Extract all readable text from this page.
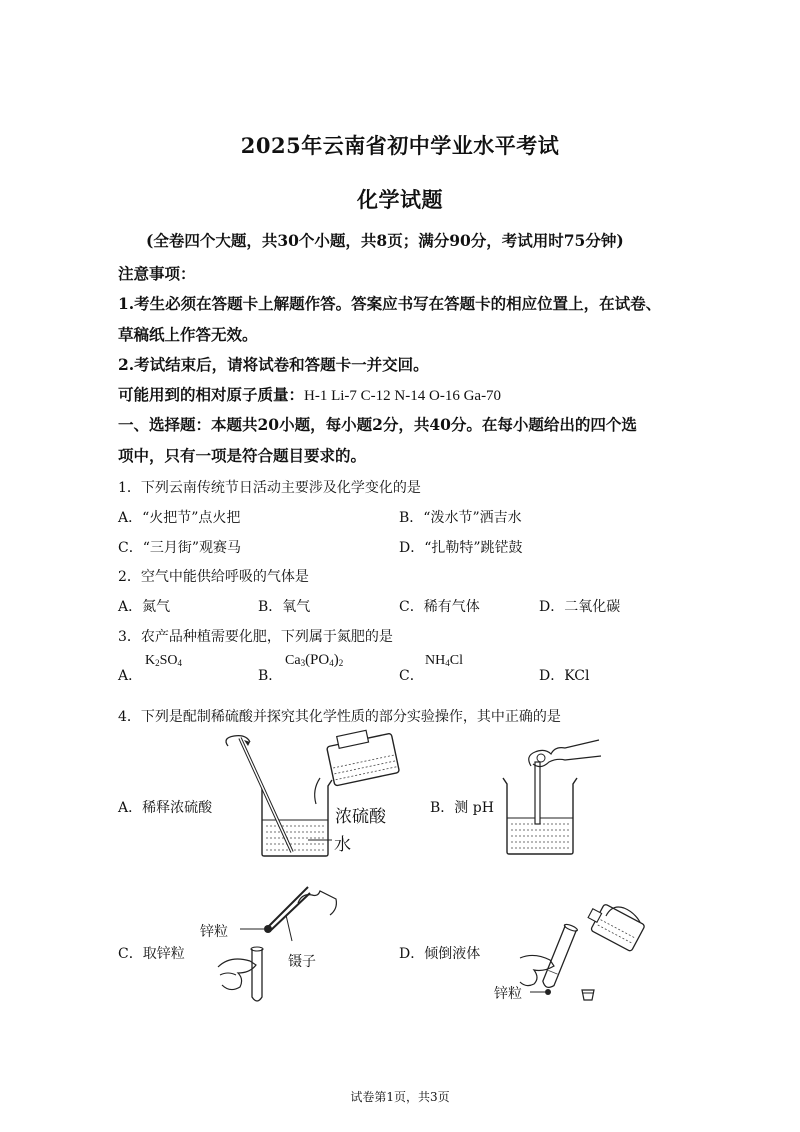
2025年云南省初中学业水平考试
化学试题
(全卷四个大题，共30个小题，共8页；满分90分，考试用时75分钟)
注意事项：
1.考生必须在答题卡上解题作答。答案应书写在答题卡的相应位置上，在试卷、
草稿纸上作答无效。
2.考试结束后，请将试卷和答题卡一并交回。
可能用到的相对原子质量：H-1 Li-7 C-12 N-14 O-16 Ga-70
一、选择题：本题共20小题，每小题2分，共40分。在每小题给出的四个选
项中，只有一项是符合题目要求的。
1．下列云南传统节日活动主要涉及化学变化的是
A．“火把节”点火把	B．“泼水节”洒吉水
C．“三月街”观赛马	D．“扎勒特”跳铓鼓
2．空气中能供给呼吸的气体是
A．氮气	B．氧气	C．稀有气体	D．二氧化碳
3．农产品种植需要化肥，下列属于氮肥的是
A．
$K_2SO_4$
B．
$Ca_3(PO_4)_2$
C．
$NH_4Cl$
D．KCl
4．下列是配制稀硫酸并探究其化学性质的部分实验操作，其中正确的是
A．稀释浓硫酸	B．测 pH
C．取锌粒	D．倾倒液体
浓硫酸
水
锌粒
镊子
锌粒
试卷第1页，共3页
